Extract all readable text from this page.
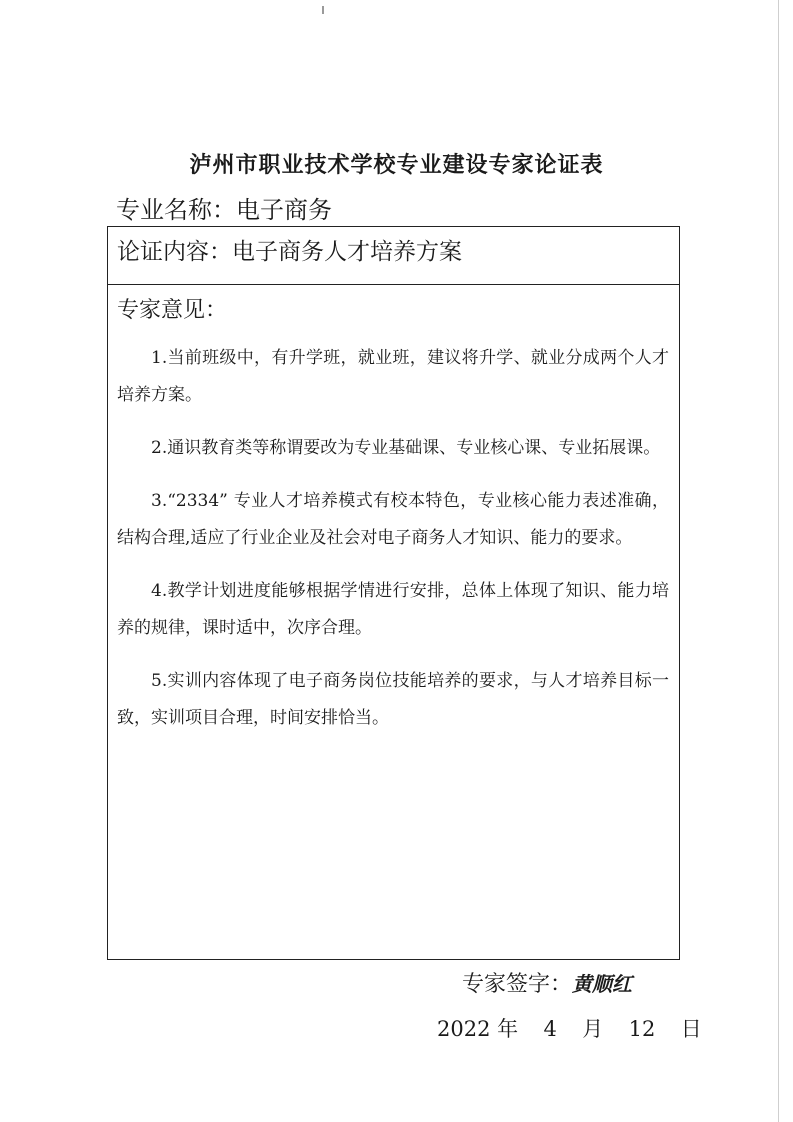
泸州市职业技术学校专业建设专家论证表
专业名称：电子商务
论证内容：电子商务人才培养方案
专家意见：

1.当前班级中，有升学班，就业班，建议将升学、就业分成两个人才培养方案。

2.通识教育类等称谓要改为专业基础课、专业核心课、专业拓展课。

3.“2334” 专业人才培养模式有校本特色，专业核心能力表述准确，结构合理,适应了行业企业及社会对电子商务人才知识、能力的要求。

4.教学计划进度能够根据学情进行安排，总体上体现了知识、能力培养的规律，课时适中，次序合理。

5.实训内容体现了电子商务岗位技能培养的要求，与人才培养目标一致，实训项目合理，时间安排恰当。

专家签字：黄顺红
2022 年 4 月 12 日
